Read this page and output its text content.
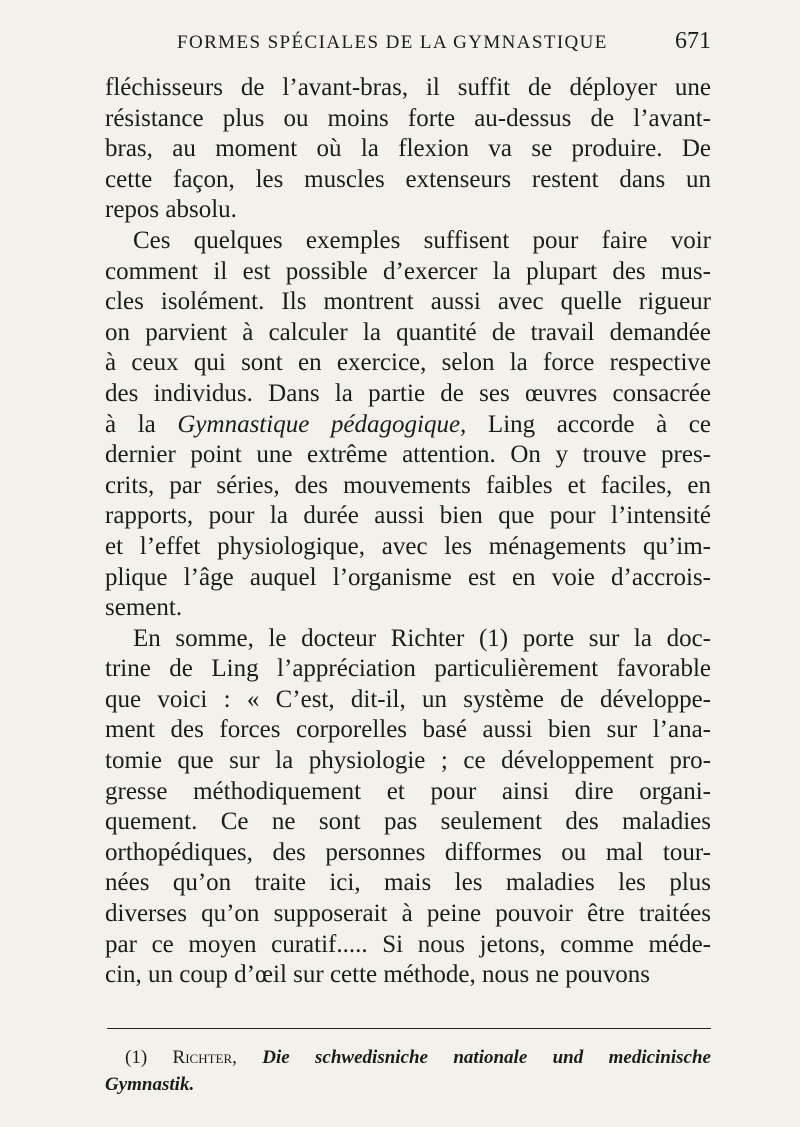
FORMES SPÉCIALES DE LA GYMNASTIQUE	671
fléchisseurs de l’avant-bras, il suffit de déployer une
résistance plus ou moins forte au-dessus de l’avant-
bras, au moment où la flexion va se produire. De
cette façon, les muscles extenseurs restent dans un
repos absolu.
Ces quelques exemples suffisent pour faire voir
comment il est possible d’exercer la plupart des mus-
cles isolément. Ils montrent aussi avec quelle rigueur
on parvient à calculer la quantité de travail demandée
à ceux qui sont en exercice, selon la force respective
des individus. Dans la partie de ses œuvres consacrée
à la Gymnastique pédagogique, Ling accorde à ce
dernier point une extrême attention. On y trouve pres-
crits, par séries, des mouvements faibles et faciles, en
rapports, pour la durée aussi bien que pour l’intensité
et l’effet physiologique, avec les ménagements qu’im-
plique l’âge auquel l’organisme est en voie d’accrois-
sement.
En somme, le docteur Richter (1) porte sur la doc-
trine de Ling l’appréciation particulièrement favorable
que voici : « C’est, dit-il, un système de développe-
ment des forces corporelles basé aussi bien sur l’ana-
tomie que sur la physiologie ; ce développement pro-
gresse méthodiquement et pour ainsi dire organi-
quement. Ce ne sont pas seulement des maladies
orthopédiques, des personnes difformes ou mal tour-
nées qu’on traite ici, mais les maladies les plus
diverses qu’on supposerait à peine pouvoir être traitées
par ce moyen curatif..... Si nous jetons, comme méde-
cin, un coup d’œil sur cette méthode, nous ne pouvons
(1) Richter, Die schwedisniche nationale und medicinische
Gymnastik.
